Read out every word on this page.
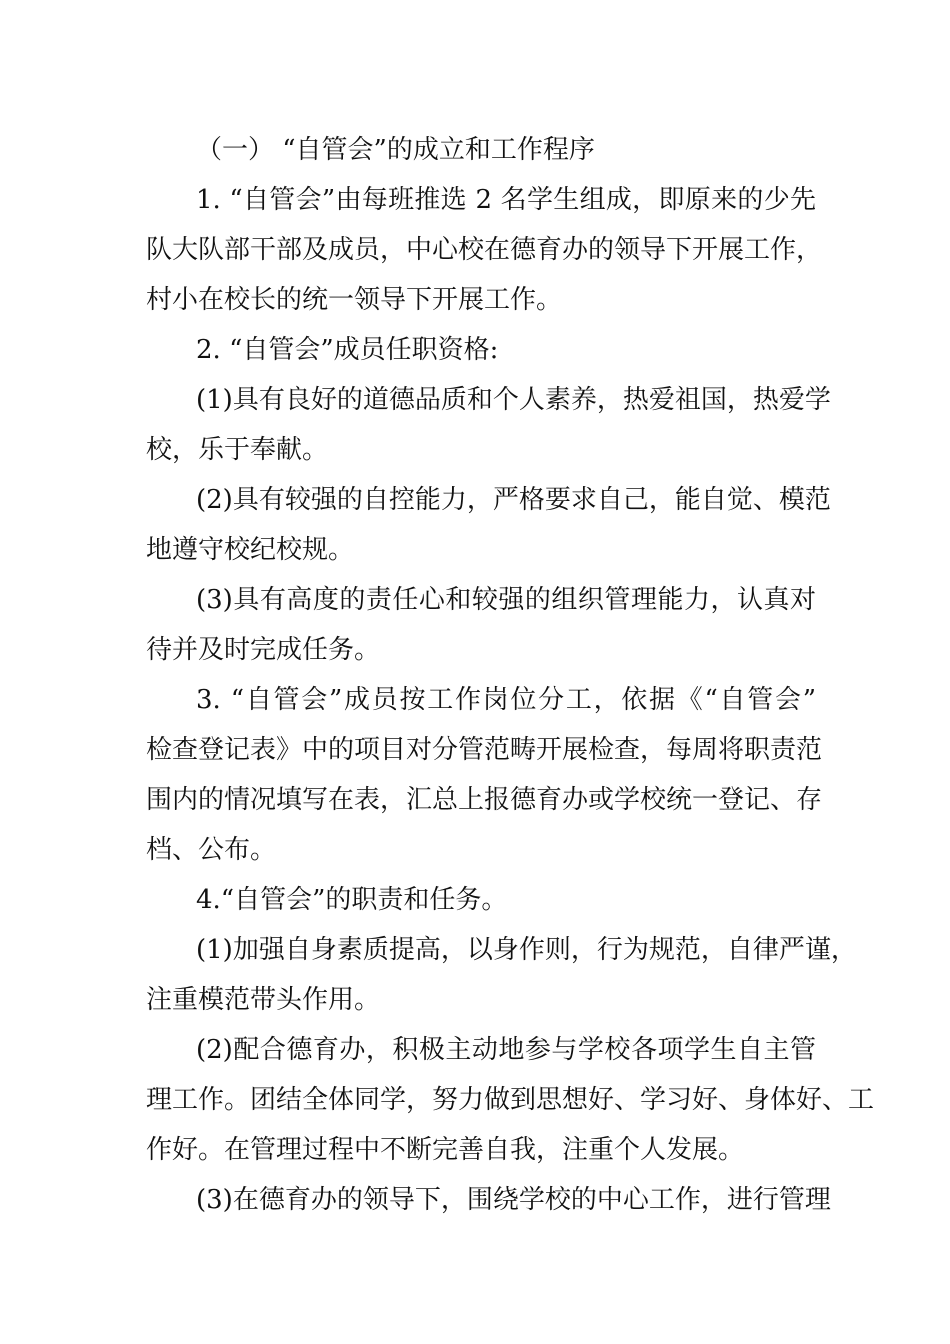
（一） “自管会”的成立和工作程序
1. “自管会”由每班推选 2 名学生组成，即原来的少先
队大队部干部及成员，中心校在德育办的领导下开展工作，
村小在校长的统一领导下开展工作。
2. “自管会”成员任职资格:
(1)具有良好的道德品质和个人素养，热爱祖国，热爱学
校，乐于奉献。
(2)具有较强的自控能力，严格要求自己，能自觉、模范
地遵守校纪校规。
(3)具有高度的责任心和较强的组织管理能力，认真对
待并及时完成任务。
3. “自管会”成员按工作岗位分工，依据《“自管会”
检查登记表》中的项目对分管范畴开展检查，每周将职责范
围内的情况填写在表，汇总上报德育办或学校统一登记、存
档、公布。
4.“自管会”的职责和任务。
(1)加强自身素质提高，以身作则，行为规范，自律严谨，
注重模范带头作用。
(2)配合德育办，积极主动地参与学校各项学生自主管
理工作。团结全体同学，努力做到思想好、学习好、身体好、工
作好。在管理过程中不断完善自我，注重个人发展。
(3)在德育办的领导下，围绕学校的中心工作，进行管理
